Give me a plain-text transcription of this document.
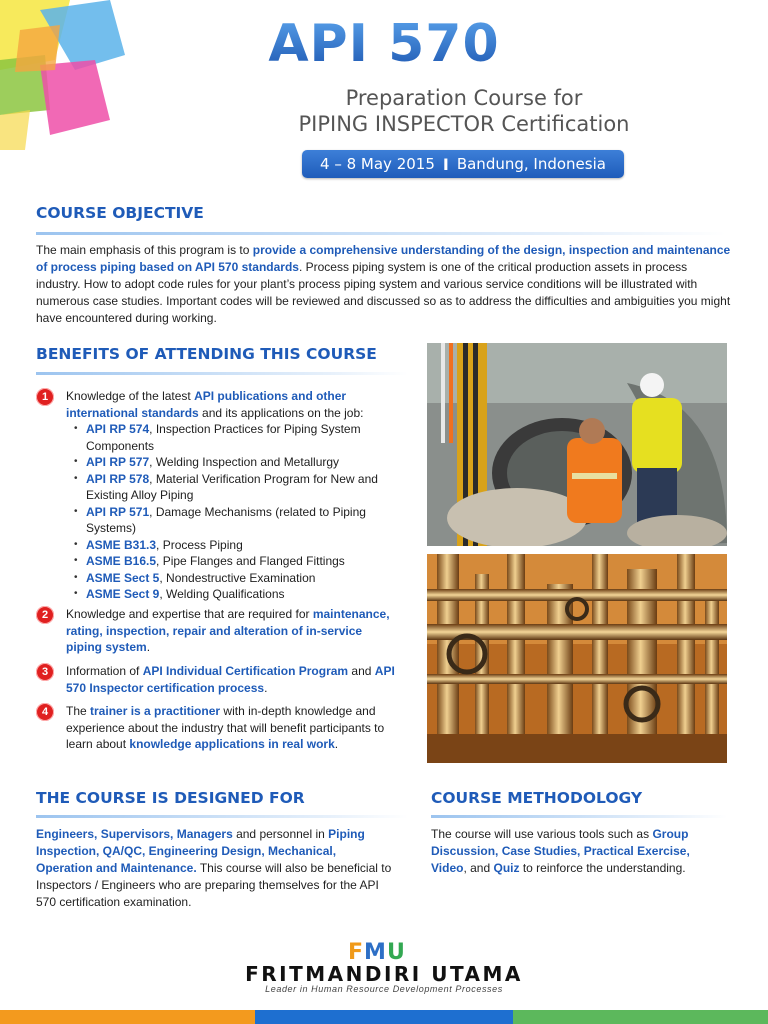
API 570
Preparation Course for
PIPING INSPECTOR Certification
4 – 8 May 2015 I Bandung, Indonesia
COURSE OBJECTIVE
The main emphasis of this program is to provide a comprehensive understanding of the design, inspection and maintenance of process piping based on API 570 standards. Process piping system is one of the critical production assets in process industry. How to adopt code rules for your plant’s process piping system and various service conditions will be illustrated with numerous case studies. Important codes will be reviewed and discussed so as to address the difficulties and ambiguities you might have encountered during working.
BENEFITS OF ATTENDING THIS COURSE
1	Knowledge of the latest API publications and other international standards and its applications on the job:
• API RP 574, Inspection Practices for Piping System Components
• API RP 577, Welding Inspection and Metallurgy
• API RP 578, Material Verification Program for New and Existing Alloy Piping
• API RP 571, Damage Mechanisms (related to Piping Systems)
• ASME B31.3, Process Piping
• ASME B16.5, Pipe Flanges and Flanged Fittings
• ASME Sect 5, Nondestructive Examination
• ASME Sect 9, Welding Qualifications
2	Knowledge and expertise that are required for maintenance, rating, inspection, repair and alteration of in-service piping system.
3	Information of API Individual Certification Program and API 570 Inspector certification process.
4	The trainer is a practitioner with in-depth knowledge and experience about the industry that will benefit participants to learn about knowledge applications in real work.
THE COURSE IS DESIGNED FOR
Engineers, Supervisors, Managers and personnel in Piping Inspection, QA/QC, Engineering Design, Mechanical, Operation and Maintenance. This course will also be beneficial to Inspectors / Engineers who are preparing themselves for the API 570 certification examination.
COURSE METHODOLOGY
The course will use various tools such as Group Discussion, Case Studies, Practical Exercise, Video, and Quiz to reinforce the understanding.
FMU
FRITMANDIRI UTAMA
Leader in Human Resource Development Processes
